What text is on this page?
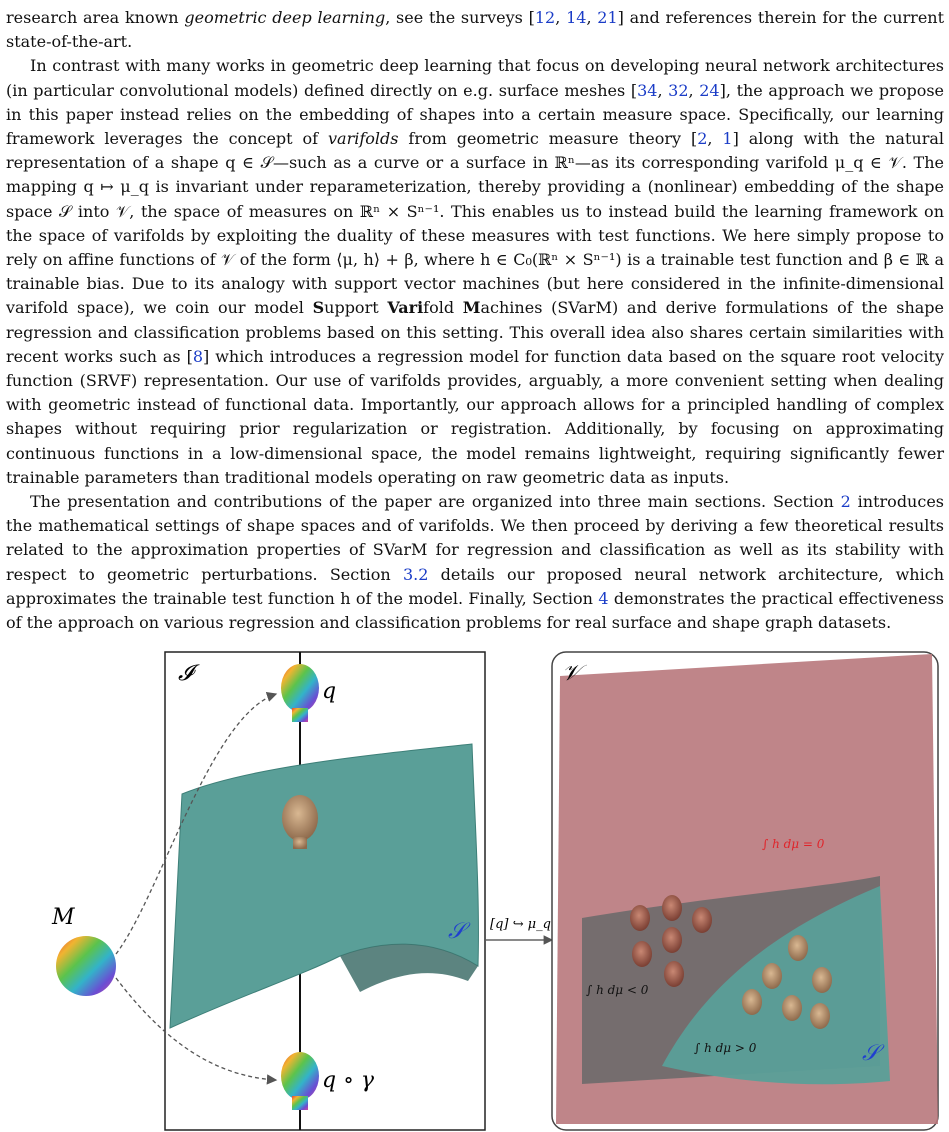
research area known geometric deep learning, see the surveys [12, 14, 21] and references therein for the current state-of-the-art.

In contrast with many works in geometric deep learning that focus on developing neural network architectures (in particular convolutional models) defined directly on e.g. surface meshes [34, 32, 24], the approach we propose in this paper instead relies on the embedding of shapes into a certain measure space. Specifically, our learning framework leverages the concept of varifolds from geometric measure theory [2, 1] along with the natural representation of a shape q ∈ 𝒮—such as a curve or a surface in ℝⁿ—as its corresponding varifold μ_q ∈ 𝒱. The mapping q ↦ μ_q is invariant under reparameterization, thereby providing a (nonlinear) embedding of the shape space 𝒮 into 𝒱, the space of measures on ℝⁿ × Sⁿ⁻¹. This enables us to instead build the learning framework on the space of varifolds by exploiting the duality of these measures with test functions. We here simply propose to rely on affine functions of 𝒱 of the form ⟨μ, h⟩ + β, where h ∈ C₀(ℝⁿ × Sⁿ⁻¹) is a trainable test function and β ∈ ℝ a trainable bias. Due to its analogy with support vector machines (but here considered in the infinite-dimensional varifold space), we coin our model Support Varifold Machines (SVarM) and derive formulations of the shape regression and classification problems based on this setting. This overall idea also shares certain similarities with recent works such as [8] which introduces a regression model for function data based on the square root velocity function (SRVF) representation. Our use of varifolds provides, arguably, a more convenient setting when dealing with geometric instead of functional data. Importantly, our approach allows for a principled handling of complex shapes without requiring prior regularization or registration. Additionally, by focusing on approximating continuous functions in a low-dimensional space, the model remains lightweight, requiring significantly fewer trainable parameters than traditional models operating on raw geometric data as inputs.

The presentation and contributions of the paper are organized into three main sections. Section 2 introduces the mathematical settings of shape spaces and of varifolds. We then proceed by deriving a few theoretical results related to the approximation properties of SVarM for regression and classification as well as its stability with respect to geometric perturbations. Section 3.2 details our proposed neural network architecture, which approximates the trainable test function h of the model. Finally, Section 4 demonstrates the practical effectiveness of the approach on various regression and classification problems for real surface and shape graph datasets.

𝓘
𝒮
q
q ∘ γ
M	[q] ↪ μ_q
𝒱
𝒮
∫ h dμ = 0
∫ h dμ < 0
∫ h dμ > 0
